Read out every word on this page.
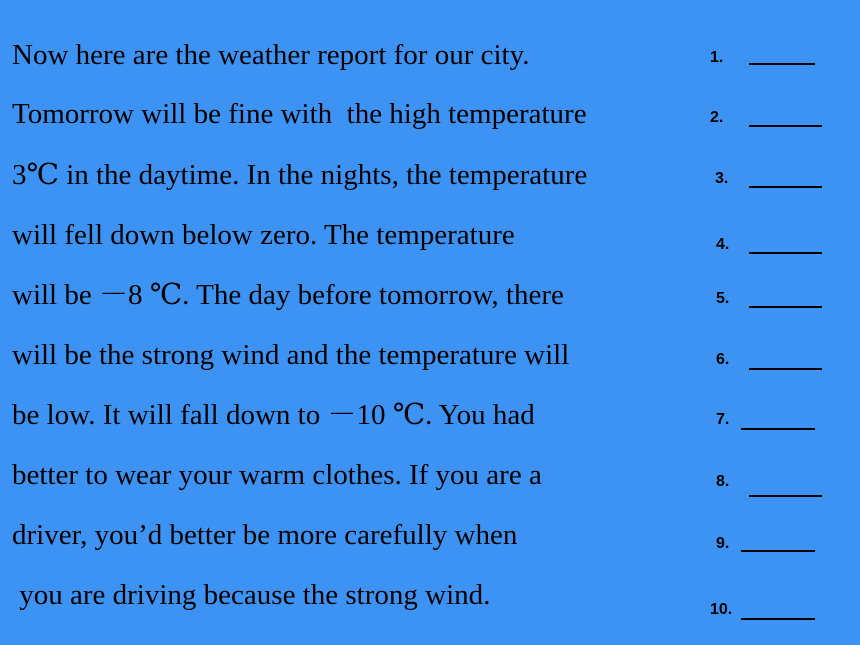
Now here are the weather report for our city.
Tomorrow will be fine with  the high temperature
3℃ in the daytime. In the nights, the temperature
will fell down below zero. The temperature
will be －8 ℃. The day before tomorrow, there
will be the strong wind and the temperature will
be low. It will fall down to －10 ℃. You had
better to wear your warm clothes. If you are a
driver, you’d better be more carefully when
you are driving because the strong wind.
1.
2.
3.
4.
5.
6.
7.
8.
9.
10.
